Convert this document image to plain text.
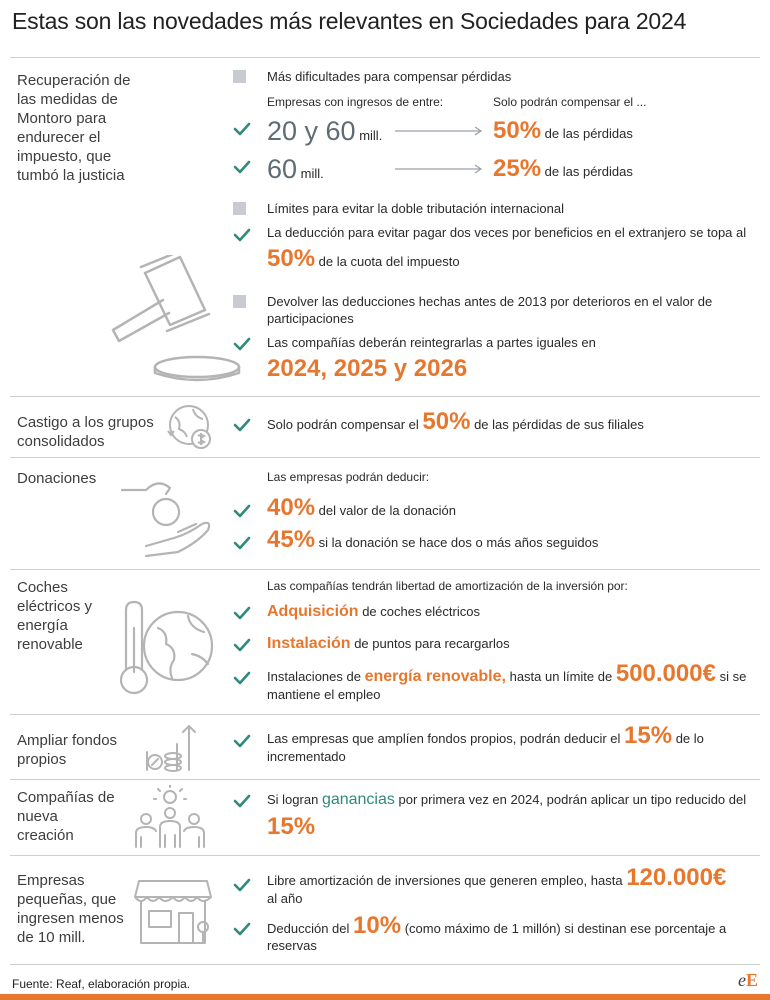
Estas son las novedades más relevantes en Sociedades para 2024
Recuperación de las medidas de Montoro para endurecer el impuesto, que tumbó la justicia
Más dificultades para compensar pérdidas
Empresas con ingresos de entre:	Solo podrán compensar el ...
20 y 60 mill.	50% de las pérdidas
60 mill.	25% de las pérdidas
Límites para evitar la doble tributación internacional
La deducción para evitar pagar dos veces por beneficios en el extranjero se topa al
50% de la cuota del impuesto
Devolver las deducciones hechas antes de 2013 por deterioros en el valor de participaciones
Las compañías deberán reintegrarlas a partes iguales en
2024, 2025 y 2026
Castigo a los grupos consolidados
Solo podrán compensar el 50% de las pérdidas de sus filiales
Donaciones	Las empresas podrán deducir:
40% del valor de la donación
45% si la donación se hace dos o más años seguidos
Coches eléctricos y energía renovable
Las compañías tendrán libertad de amortización de la inversión por:
Adquisición de coches eléctricos
Instalación de puntos para recargarlos
Instalaciones de energía renovable, hasta un límite de 500.000€ si se
mantiene el empleo
Ampliar fondos propios
Las empresas que amplíen fondos propios, podrán deducir el 15% de lo
incrementado
Compañías de nueva creación
Si logran ganancias por primera vez en 2024, podrán aplicar un tipo reducido del
15%
Empresas pequeñas, que ingresen menos de 10 mill.
Libre amortización de inversiones que generen empleo, hasta 120.000€
al año
Deducción del 10% (como máximo de 1 millón) si destinan ese porcentaje a
reservas
Fuente: Reaf, elaboración propia.	eE
